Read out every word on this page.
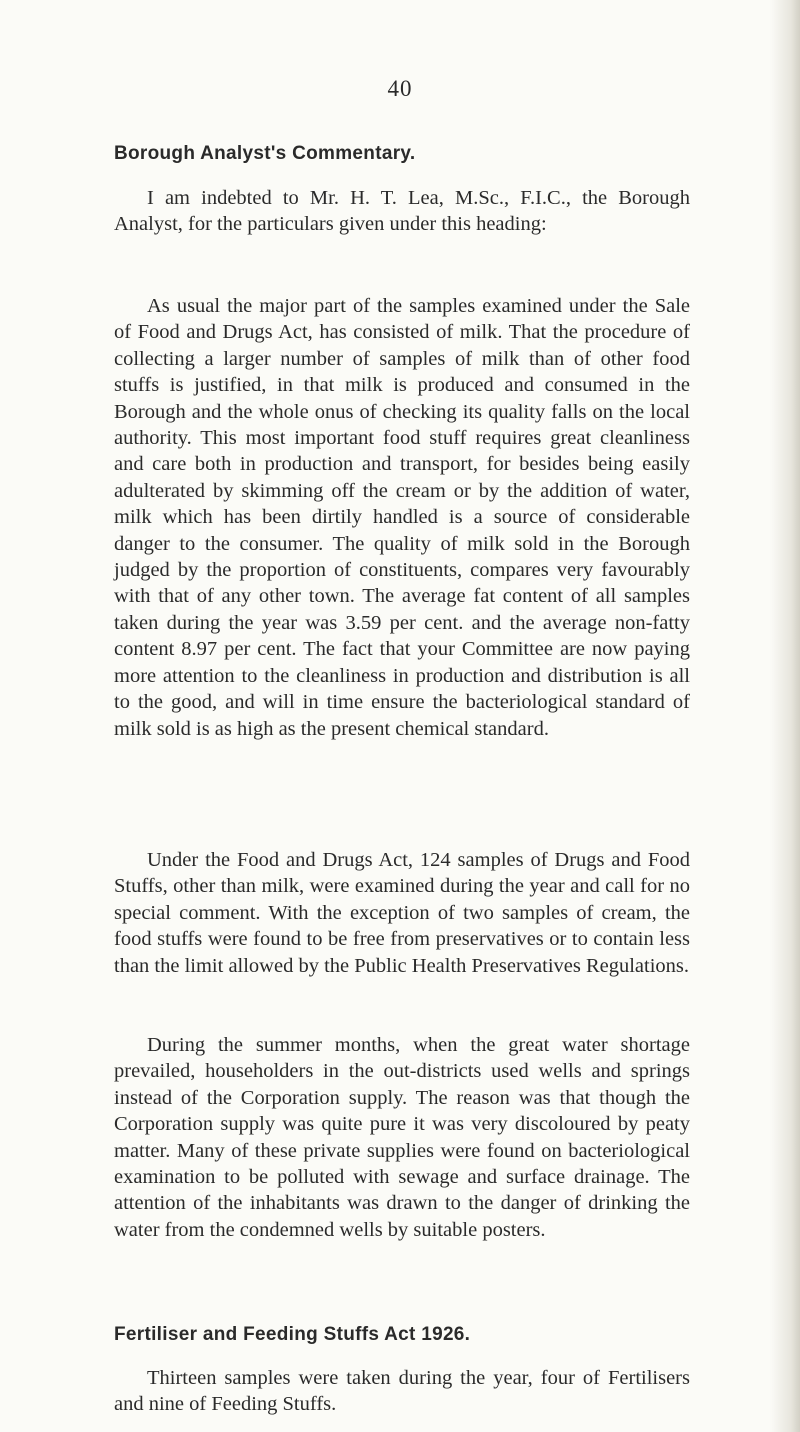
40
Borough Analyst's Commentary.

I am indebted to Mr. H. T. Lea, M.Sc., F.I.C., the Borough Analyst, for the particulars given under this heading:

As usual the major part of the samples examined under the Sale of Food and Drugs Act, has consisted of milk. That the procedure of collecting a larger number of samples of milk than of other food stuffs is justified, in that milk is produced and consumed in the Borough and the whole onus of checking its quality falls on the local authority. This most important food stuff requires great cleanliness and care both in production and transport, for besides being easily adulterated by skimming off the cream or by the addition of water, milk which has been dirtily handled is a source of considerable danger to the consumer. The quality of milk sold in the Borough judged by the proportion of constituents, compares very favourably with that of any other town. The average fat content of all samples taken during the year was 3.59 per cent. and the average non-fatty content 8.97 per cent. The fact that your Committee are now paying more attention to the cleanliness in production and distribution is all to the good, and will in time ensure the bacteriological standard of milk sold is as high as the present chemical standard.

Under the Food and Drugs Act, 124 samples of Drugs and Food Stuffs, other than milk, were examined during the year and call for no special comment. With the exception of two samples of cream, the food stuffs were found to be free from preservatives or to contain less than the limit allowed by the Public Health Preservatives Regulations.

During the summer months, when the great water shortage prevailed, householders in the out-districts used wells and springs instead of the Corporation supply. The reason was that though the Corporation supply was quite pure it was very discoloured by peaty matter. Many of these private supplies were found on bacteriological examination to be polluted with sewage and surface drainage. The attention of the inhabitants was drawn to the danger of drinking the water from the condemned wells by suitable posters.

Fertiliser and Feeding Stuffs Act 1926.

Thirteen samples were taken during the year, four of Fertilisers and nine of Feeding Stuffs.
